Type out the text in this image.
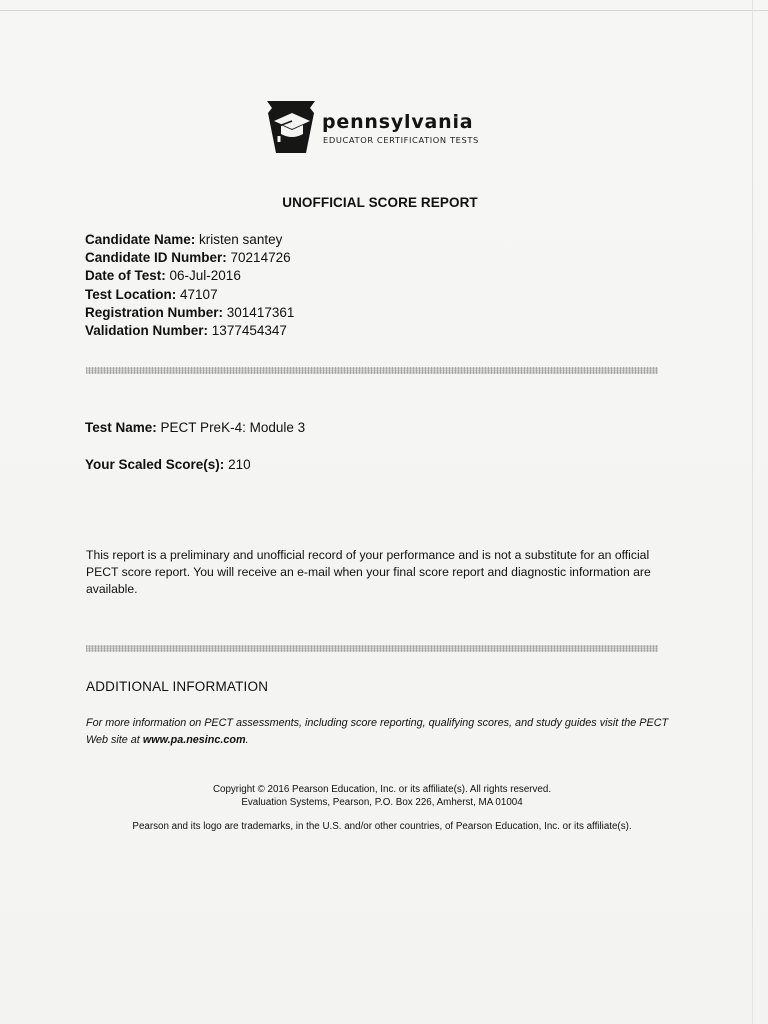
pennsylvania
EDUCATOR CERTIFICATION TESTS
UNOFFICIAL SCORE REPORT
Candidate Name: kristen santey
Candidate ID Number: 70214726
Date of Test: 06-Jul-2016
Test Location: 47107
Registration Number: 301417361
Validation Number: 1377454347
Test Name: PECT PreK-4: Module 3
Your Scaled Score(s): 210
This report is a preliminary and unofficial record of your performance and is not a substitute for an official PECT score report. You will receive an e-mail when your final score report and diagnostic information are available.
ADDITIONAL INFORMATION
For more information on PECT assessments, including score reporting, qualifying scores, and study guides visit the PECT Web site at www.pa.nesinc.com.
Copyright © 2016 Pearson Education, Inc. or its affiliate(s). All rights reserved.
Evaluation Systems, Pearson, P.O. Box 226, Amherst, MA 01004
Pearson and its logo are trademarks, in the U.S. and/or other countries, of Pearson Education, Inc. or its affiliate(s).
